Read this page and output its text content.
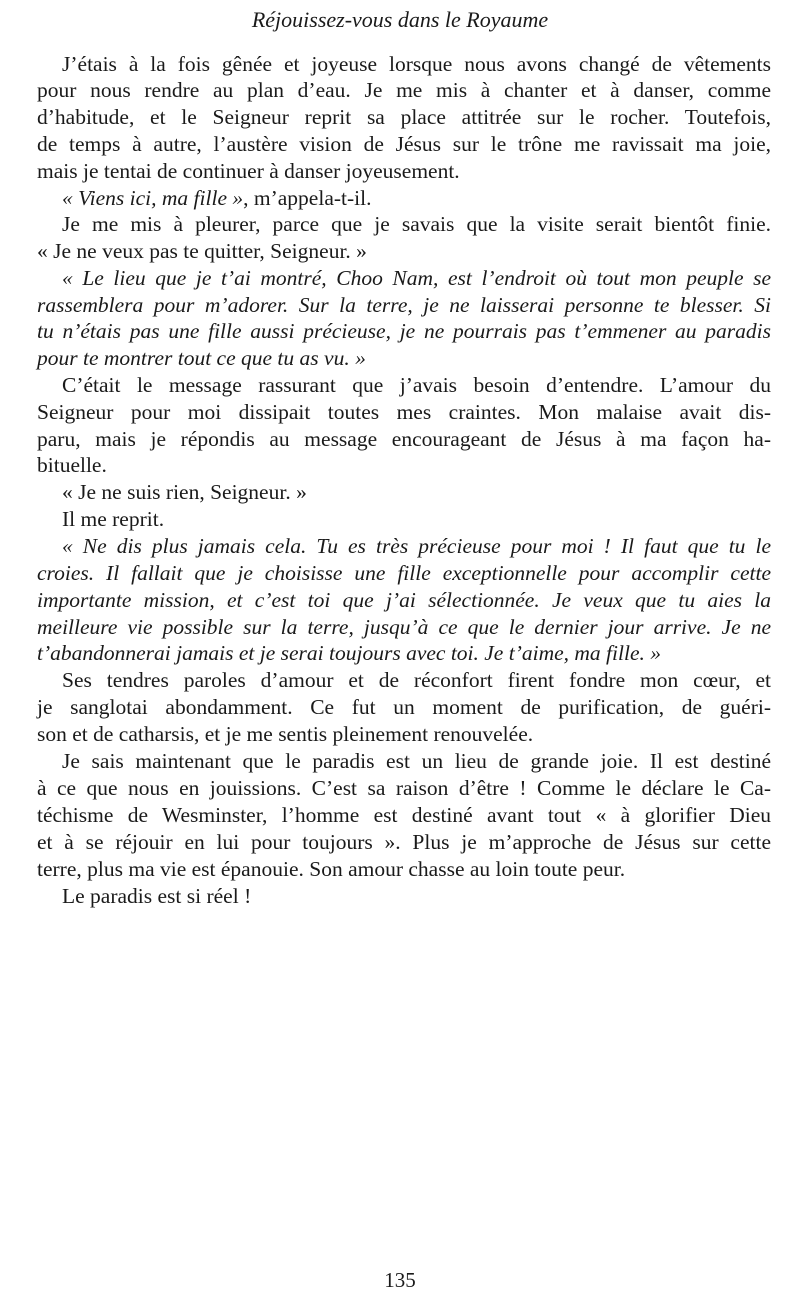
Réjouissez-vous dans le Royaume
J’étais à la fois gênée et joyeuse lorsque nous avons changé de vêtements
pour nous rendre au plan d’eau. Je me mis à chanter et à danser, comme
d’habitude, et le Seigneur reprit sa place attitrée sur le rocher. Toutefois,
de temps à autre, l’austère vision de Jésus sur le trône me ravissait ma joie,
mais je tentai de continuer à danser joyeusement.
« Viens ici, ma fille », m’appela-t-il.
Je me mis à pleurer, parce que je savais que la visite serait bientôt finie.
« Je ne veux pas te quitter, Seigneur. »
« Le lieu que je t’ai montré, Choo Nam, est l’endroit où tout mon peuple se
rassemblera pour m’adorer. Sur la terre, je ne laisserai personne te blesser. Si
tu n’étais pas une fille aussi précieuse, je ne pourrais pas t’emmener au paradis
pour te montrer tout ce que tu as vu. »
C’était le message rassurant que j’avais besoin d’entendre. L’amour du
Seigneur pour moi dissipait toutes mes craintes. Mon malaise avait dis-
paru, mais je répondis au message encourageant de Jésus à ma façon ha-
bituelle.
« Je ne suis rien, Seigneur. »
Il me reprit.
« Ne dis plus jamais cela. Tu es très précieuse pour moi ! Il faut que tu le
croies. Il fallait que je choisisse une fille exceptionnelle pour accomplir cette
importante mission, et c’est toi que j’ai sélectionnée. Je veux que tu aies la
meilleure vie possible sur la terre, jusqu’à ce que le dernier jour arrive. Je ne
t’abandonnerai jamais et je serai toujours avec toi. Je t’aime, ma fille. »
Ses tendres paroles d’amour et de réconfort firent fondre mon cœur, et
je sanglotai abondamment. Ce fut un moment de purification, de guéri-
son et de catharsis, et je me sentis pleinement renouvelée.
Je sais maintenant que le paradis est un lieu de grande joie. Il est destiné
à ce que nous en jouissions. C’est sa raison d’être ! Comme le déclare le Ca-
téchisme de Wesminster, l’homme est destiné avant tout « à glorifier Dieu
et à se réjouir en lui pour toujours ». Plus je m’approche de Jésus sur cette
terre, plus ma vie est épanouie. Son amour chasse au loin toute peur.
Le paradis est si réel !
135
